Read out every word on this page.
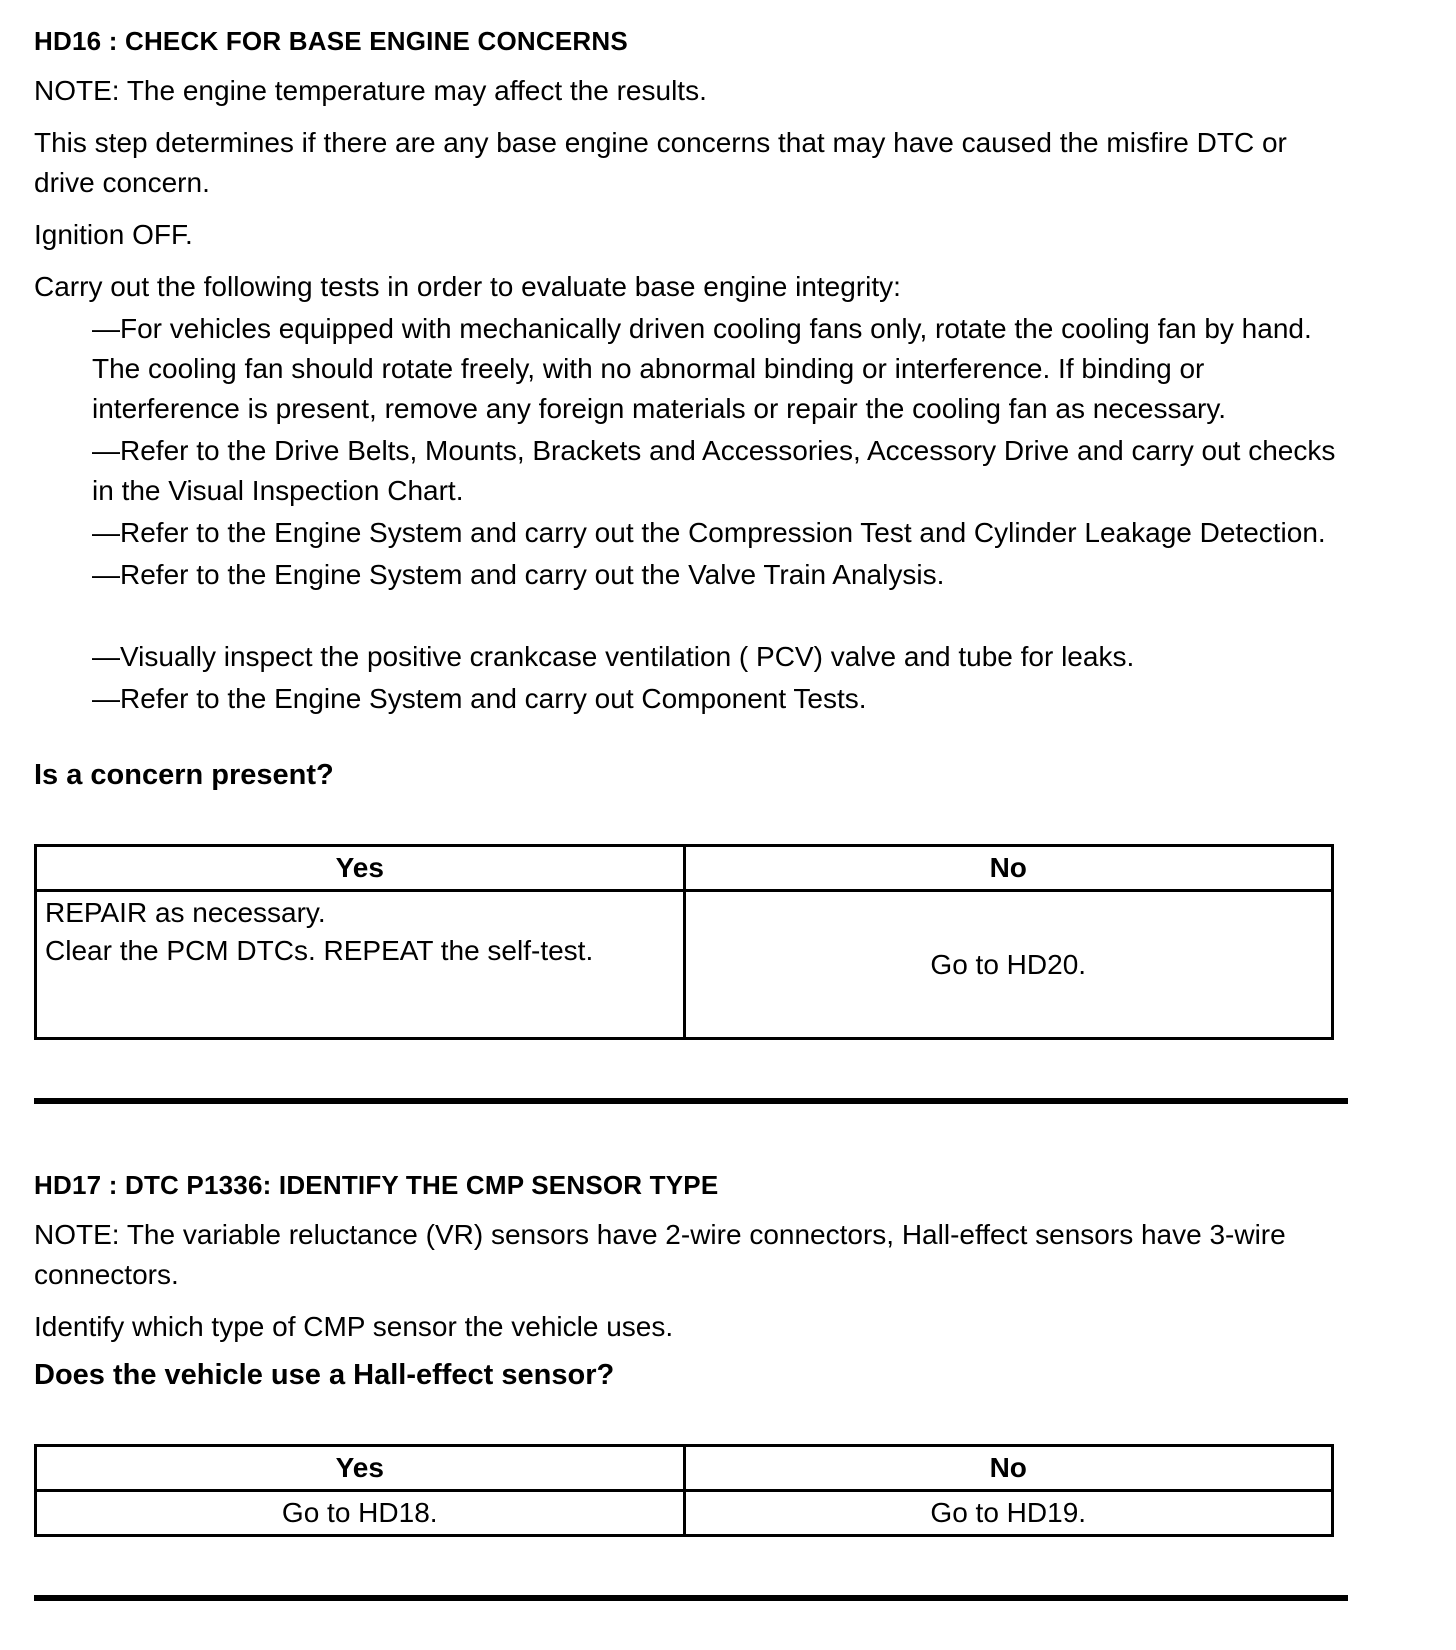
HD16 : CHECK FOR BASE ENGINE CONCERNS

NOTE: The engine temperature may affect the results.

This step determines if there are any base engine concerns that may have caused the misfire DTC or drive concern.

Ignition OFF.

Carry out the following tests in order to evaluate base engine integrity:

—For vehicles equipped with mechanically driven cooling fans only, rotate the cooling fan by hand. The cooling fan should rotate freely, with no abnormal binding or interference. If binding or interference is present, remove any foreign materials or repair the cooling fan as necessary.

—Refer to the Drive Belts, Mounts, Brackets and Accessories, Accessory Drive and carry out checks in the Visual Inspection Chart.

—Refer to the Engine System and carry out the Compression Test and Cylinder Leakage Detection.

—Refer to the Engine System and carry out the Valve Train Analysis.

—Visually inspect the positive crankcase ventilation ( PCV) valve and tube for leaks.

—Refer to the Engine System and carry out Component Tests.

Is a concern present?

Yes	No

REPAIR as necessary.
Clear the PCM DTCs. REPEAT the self-test.	Go to HD20.
HD17 : DTC P1336: IDENTIFY THE CMP SENSOR TYPE

NOTE: The variable reluctance (VR) sensors have 2-wire connectors, Hall-effect sensors have 3-wire connectors.

Identify which type of CMP sensor the vehicle uses.

Does the vehicle use a Hall-effect sensor?

Yes	No
Go to HD18.	Go to HD19.
